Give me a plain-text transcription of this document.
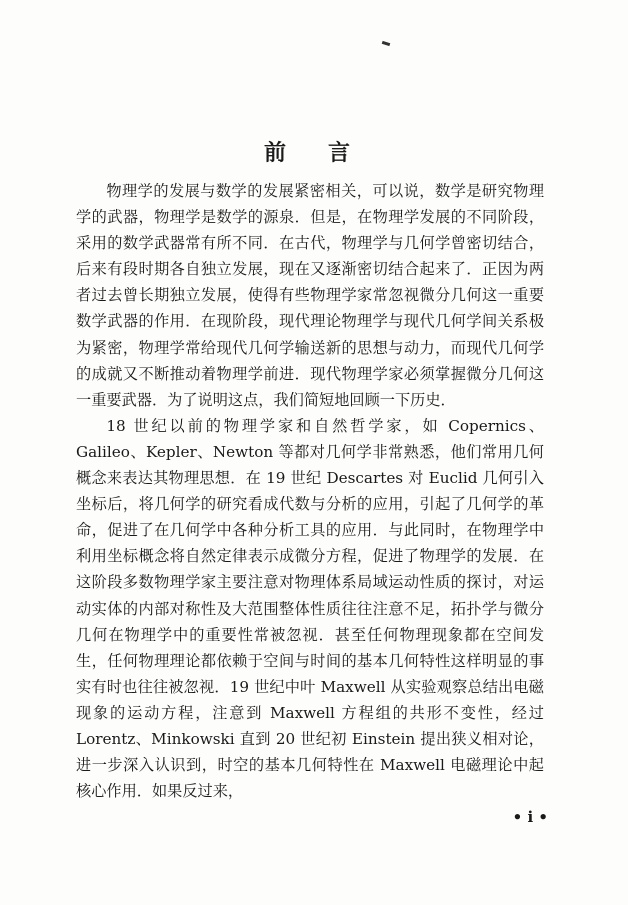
前 言

物理学的发展与数学的发展紧密相关，可以说，数学是研究物理学的武器，物理学是数学的源泉．但是，在物理学发展的不同阶段，采用的数学武器常有所不同．在古代，物理学与几何学曾密切结合，后来有段时期各自独立发展，现在又逐渐密切结合起来了．正因为两者过去曾长期独立发展，使得有些物理学家常忽视微分几何这一重要数学武器的作用．在现阶段，现代理论物理学与现代几何学间关系极为紧密，物理学常给现代几何学输送新的思想与动力，而现代几何学的成就又不断推动着物理学前进．现代物理学家必须掌握微分几何这一重要武器．为了说明这点，我们简短地回顾一下历史．

18 世纪以前的物理学家和自然哲学家，如 Copernics、Galileo、Kepler、Newton 等都对几何学非常熟悉，他们常用几何概念来表达其物理思想．在 19 世纪 Descartes 对 Euclid 几何引入坐标后，将几何学的研究看成代数与分析的应用，引起了几何学的革命，促进了在几何学中各种分析工具的应用．与此同时，在物理学中利用坐标概念将自然定律表示成微分方程，促进了物理学的发展．在这阶段多数物理学家主要注意对物理体系局域运动性质的探讨，对运动实体的内部对称性及大范围整体性质往往注意不足，拓扑学与微分几何在物理学中的重要性常被忽视．甚至任何物理现象都在空间发生，任何物理理论都依赖于空间与时间的基本几何特性这样明显的事实有时也往往被忽视．19 世纪中叶 Maxwell 从实验观察总结出电磁现象的运动方程，注意到 Maxwell 方程组的共形不变性，经过 Lorentz、Minkowski 直到 20 世纪初 Einstein 提出狭义相对论，进一步深入认识到，时空的基本几何特性在 Maxwell 电磁理论中起核心作用．如果反过来，

• i •
